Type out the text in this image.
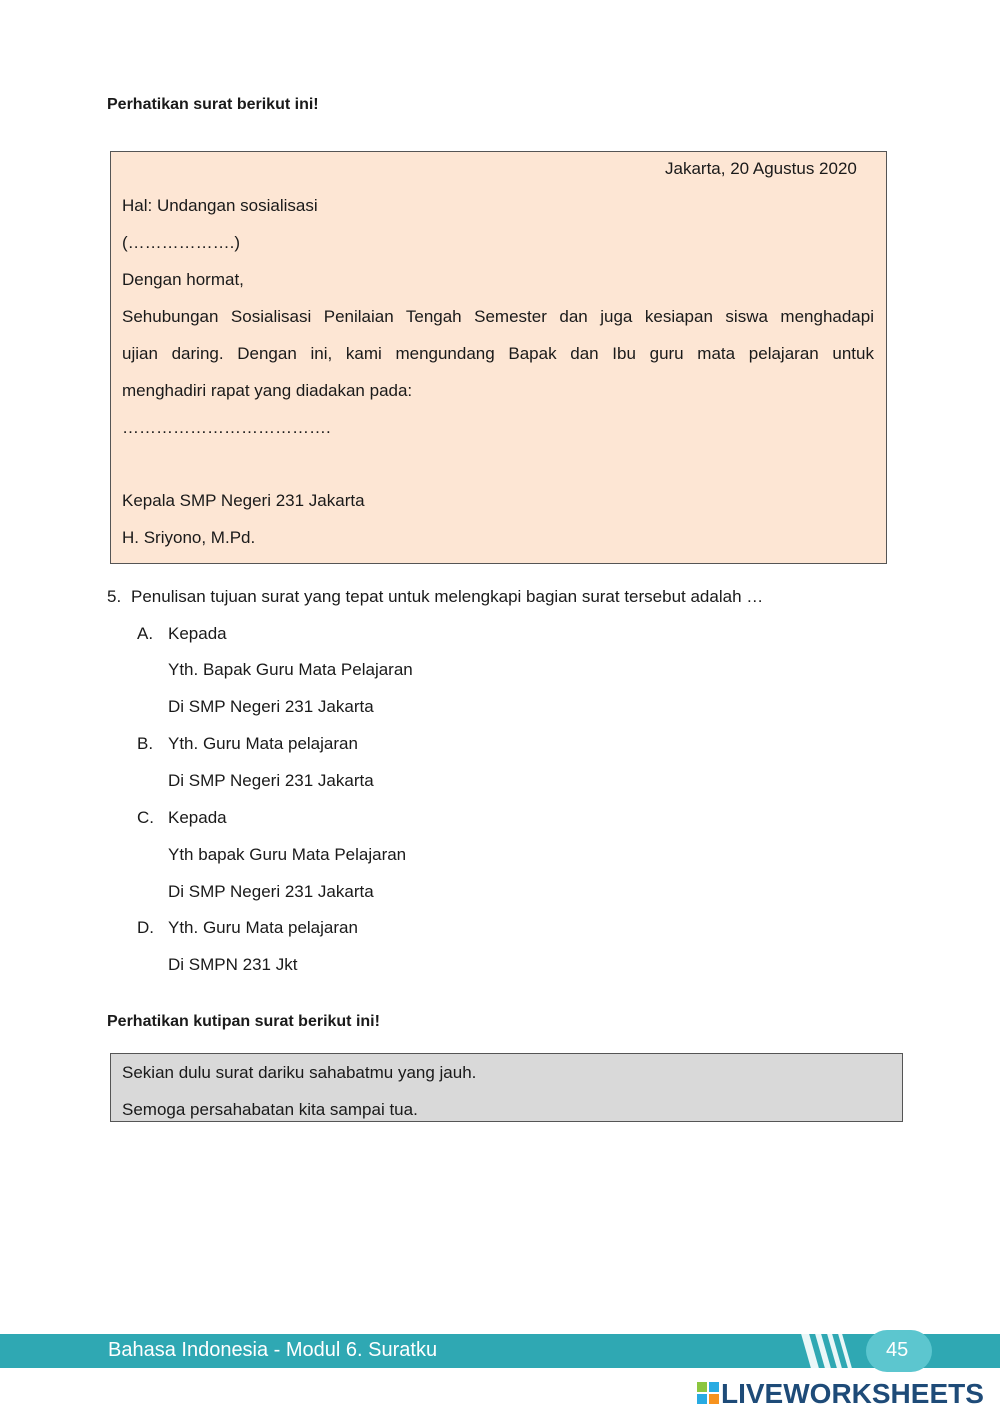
Perhatikan surat berikut ini!
Jakarta, 20 Agustus 2020
Hal: Undangan sosialisasi
(……………….)
Dengan hormat,
Sehubungan Sosialisasi Penilaian Tengah Semester dan juga kesiapan siswa menghadapi
ujian daring. Dengan ini, kami mengundang Bapak dan Ibu guru mata pelajaran untuk
menghadiri rapat yang diadakan pada:
……………………………….
Kepala SMP Negeri 231 Jakarta
H. Sriyono, M.Pd.
5. Penulisan tujuan surat yang tepat untuk melengkapi bagian surat tersebut adalah …
A. Kepada
Yth. Bapak Guru Mata Pelajaran
Di SMP Negeri 231 Jakarta
B. Yth. Guru Mata pelajaran
Di SMP Negeri 231 Jakarta
C. Kepada
Yth bapak Guru Mata Pelajaran
Di SMP Negeri 231 Jakarta
D. Yth. Guru Mata pelajaran
Di SMPN 231 Jkt
Perhatikan kutipan surat berikut ini!
Sekian dulu surat dariku sahabatmu yang jauh.
Semoga persahabatan kita sampai tua.
Bahasa Indonesia - Modul 6. Suratku	45
LIVEWORKSHEETS
